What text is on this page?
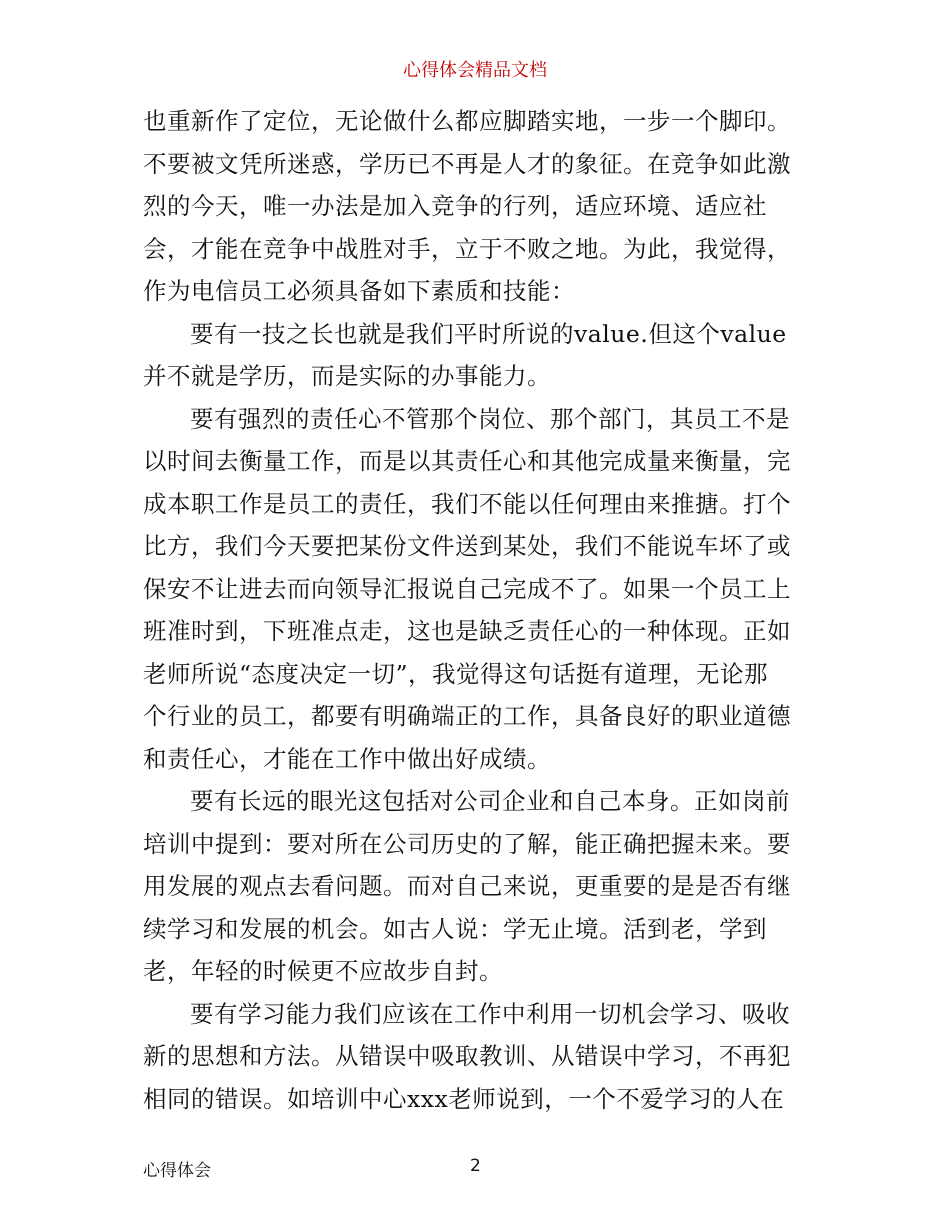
心得体会精品文档
也重新作了定位，无论做什么都应脚踏实地，一步一个脚印。
不要被文凭所迷惑，学历已不再是人才的象征。在竞争如此激
烈的今天，唯一办法是加入竞争的行列，适应环境、适应社
会，才能在竞争中战胜对手，立于不败之地。为此，我觉得，
作为电信员工必须具备如下素质和技能：
要有一技之长也就是我们平时所说的value.但这个value
并不就是学历，而是实际的办事能力。
要有强烈的责任心不管那个岗位、那个部门，其员工不是
以时间去衡量工作，而是以其责任心和其他完成量来衡量，完
成本职工作是员工的责任，我们不能以任何理由来推搪。打个
比方，我们今天要把某份文件送到某处，我们不能说车坏了或
保安不让进去而向领导汇报说自己完成不了。如果一个员工上
班准时到，下班准点走，这也是缺乏责任心的一种体现。正如
老师所说“态度决定一切”，我觉得这句话挺有道理，无论那
个行业的员工，都要有明确端正的工作，具备良好的职业道德
和责任心，才能在工作中做出好成绩。
要有长远的眼光这包括对公司企业和自己本身。正如岗前
培训中提到：要对所在公司历史的了解，能正确把握未来。要
用发展的观点去看问题。而对自己来说，更重要的是是否有继
续学习和发展的机会。如古人说：学无止境。活到老，学到
老，年轻的时候更不应故步自封。
要有学习能力我们应该在工作中利用一切机会学习、吸收
新的思想和方法。从错误中吸取教训、从错误中学习，不再犯
相同的错误。如培训中心xxx老师说到，一个不爱学习的人在
心得体会	2
